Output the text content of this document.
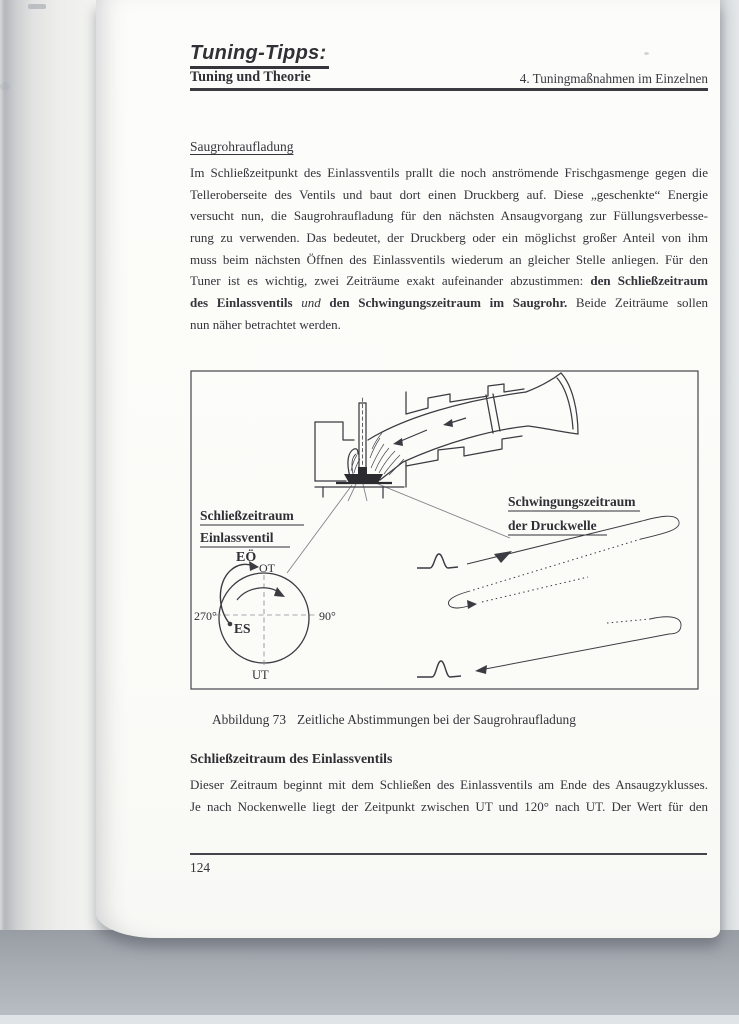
Tuning-Tipps:
Tuning und Theorie	4. Tuningmaßnahmen im Einzelnen
Saugrohraufladung
Im Schließzeitpunkt des Einlassventils prallt die noch anströmende Frischgasmenge gegen die
Telleroberseite des Ventils und baut dort einen Druckberg auf. Diese „geschenkte“ Energie
versucht nun, die Saugrohraufladung für den nächsten Ansaugvorgang zur Füllungsverbesse-
rung zu verwenden. Das bedeutet, der Druckberg oder ein möglichst großer Anteil von ihm
muss beim nächsten Öffnen des Einlassventils wiederum an gleicher Stelle anliegen. Für den
Tuner ist es wichtig, zwei Zeiträume exakt aufeinander abzustimmen: den Schließzeitraum
des Einlassventils und den Schwingungszeitraum im Saugrohr. Beide Zeiträume sollen
nun näher betrachtet werden.
Schließzeitraum
Einlassventil
EÖ
OT
270°	90°
ES
UT
Schwingungszeitraum
der Druckwelle
Abbildung 73 Zeitliche Abstimmungen bei der Saugrohraufladung
Schließzeitraum des Einlassventils
Dieser Zeitraum beginnt mit dem Schließen des Einlassventils am Ende des Ansaugzyklusses.
Je nach Nockenwelle liegt der Zeitpunkt zwischen UT und 120° nach UT. Der Wert für den
124
